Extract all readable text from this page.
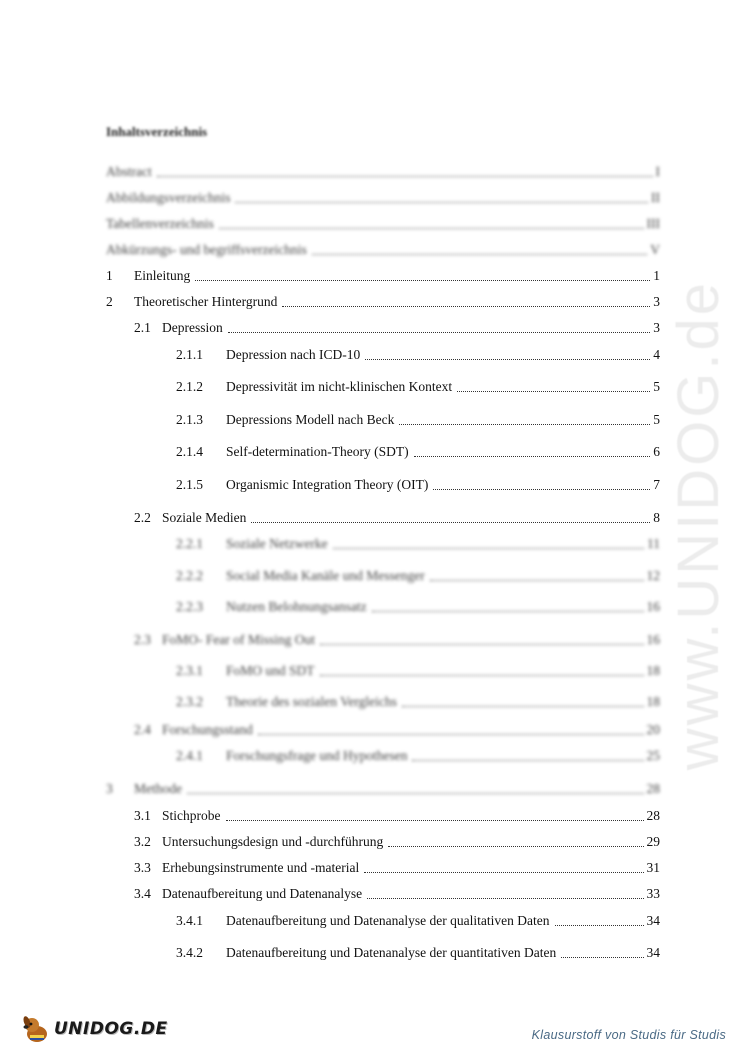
www.UNIDOG.de
Inhaltsverzeichnis
Abstract	I
Abbildungsverzeichnis	II
Tabellenverzeichnis	III
Abkürzungs- und begriffsverzeichnis	V
1	Einleitung	1
2	Theoretischer Hintergrund	3
2.1 Depression	3
2.1.1	Depression nach ICD-10	4
2.1.2	Depressivität im nicht-klinischen Kontext	5
2.1.3	Depressions Modell nach Beck	5
2.1.4	Self-determination-Theory (SDT)	6
2.1.5	Organismic Integration Theory (OIT)	7
2.2 Soziale Medien	8
2.2.1	Soziale Netzwerke	11
2.2.2	Social Media Kanäle und Messenger	12
2.2.3	Nutzen Belohnungsansatz	16
2.3 FoMO- Fear of Missing Out	16
2.3.1	FoMO und SDT	18
2.3.2	Theorie des sozialen Vergleichs	18
2.4 Forschungsstand	20
2.4.1	Forschungsfrage und Hypothesen	25
3	Methode	28
3.1 Stichprobe	28
3.2 Untersuchungsdesign und -durchführung	29
3.3 Erhebungsinstrumente und -material	31
3.4 Datenaufbereitung und Datenanalyse	33
3.4.1	Datenaufbereitung und Datenanalyse der qualitativen Daten	34
3.4.2	Datenaufbereitung und Datenanalyse der quantitativen Daten	34
UNIDOG.DE	Klausurstoff von Studis für Studis
